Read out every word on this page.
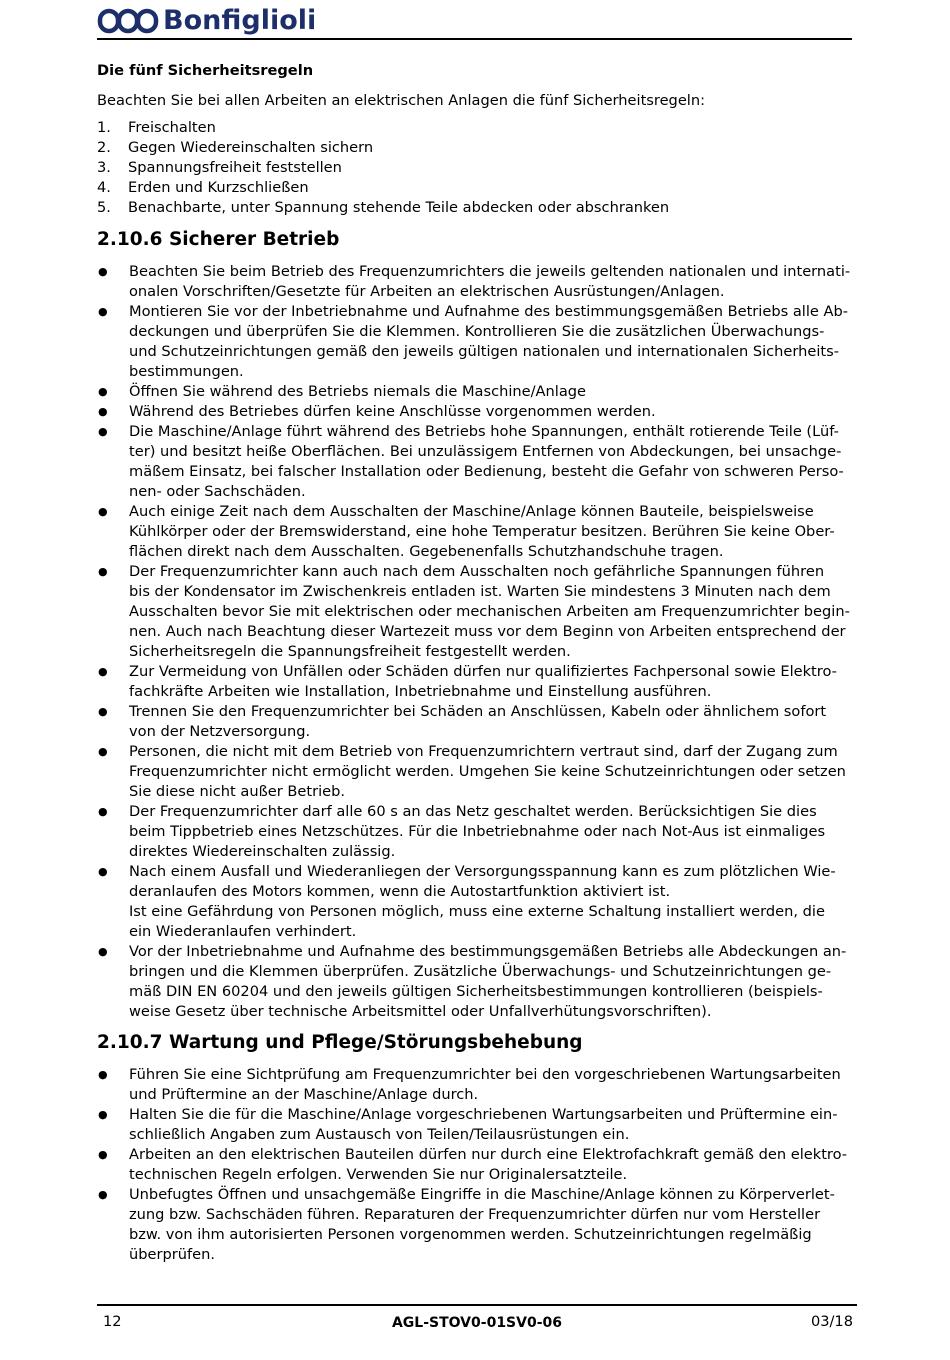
Bonfiglioli
Die fünf Sicherheitsregeln
Beachten Sie bei allen Arbeiten an elektrischen Anlagen die fünf Sicherheitsregeln:
1.	Freischalten
2.	Gegen Wiedereinschalten sichern
3.	Spannungsfreiheit feststellen
4.	Erden und Kurzschließen
5.	Benachbarte, unter Spannung stehende Teile abdecken oder abschranken
2.10.6 Sicherer Betrieb
●	Beachten Sie beim Betrieb des Frequenzumrichters die jeweils geltenden nationalen und internati-
onalen Vorschriften/Gesetzte für Arbeiten an elektrischen Ausrüstungen/Anlagen.
●	Montieren Sie vor der Inbetriebnahme und Aufnahme des bestimmungsgemäßen Betriebs alle Ab-
deckungen und überprüfen Sie die Klemmen. Kontrollieren Sie die zusätzlichen Überwachungs-
und Schutzeinrichtungen gemäß den jeweils gültigen nationalen und internationalen Sicherheits-
bestimmungen.
●	Öffnen Sie während des Betriebs niemals die Maschine/Anlage
●	Während des Betriebes dürfen keine Anschlüsse vorgenommen werden.
●	Die Maschine/Anlage führt während des Betriebs hohe Spannungen, enthält rotierende Teile (Lüf-
ter) und besitzt heiße Oberflächen. Bei unzulässigem Entfernen von Abdeckungen, bei unsachge-
mäßem Einsatz, bei falscher Installation oder Bedienung, besteht die Gefahr von schweren Perso-
nen- oder Sachschäden.
●	Auch einige Zeit nach dem Ausschalten der Maschine/Anlage können Bauteile, beispielsweise
Kühlkörper oder der Bremswiderstand, eine hohe Temperatur besitzen. Berühren Sie keine Ober-
flächen direkt nach dem Ausschalten. Gegebenenfalls Schutzhandschuhe tragen.
●	Der Frequenzumrichter kann auch nach dem Ausschalten noch gefährliche Spannungen führen
bis der Kondensator im Zwischenkreis entladen ist. Warten Sie mindestens 3 Minuten nach dem
Ausschalten bevor Sie mit elektrischen oder mechanischen Arbeiten am Frequenzumrichter begin-
nen. Auch nach Beachtung dieser Wartezeit muss vor dem Beginn von Arbeiten entsprechend der
Sicherheitsregeln die Spannungsfreiheit festgestellt werden.
●	Zur Vermeidung von Unfällen oder Schäden dürfen nur qualifiziertes Fachpersonal sowie Elektro-
fachkräfte Arbeiten wie Installation, Inbetriebnahme und Einstellung ausführen.
●	Trennen Sie den Frequenzumrichter bei Schäden an Anschlüssen, Kabeln oder ähnlichem sofort
von der Netzversorgung.
●	Personen, die nicht mit dem Betrieb von Frequenzumrichtern vertraut sind, darf der Zugang zum
Frequenzumrichter nicht ermöglicht werden. Umgehen Sie keine Schutzeinrichtungen oder setzen
Sie diese nicht außer Betrieb.
●	Der Frequenzumrichter darf alle 60 s an das Netz geschaltet werden. Berücksichtigen Sie dies
beim Tippbetrieb eines Netzschützes. Für die Inbetriebnahme oder nach Not-Aus ist einmaliges
direktes Wiedereinschalten zulässig.
●	Nach einem Ausfall und Wiederanliegen der Versorgungsspannung kann es zum plötzlichen Wie-
deranlaufen des Motors kommen, wenn die Autostartfunktion aktiviert ist.
Ist eine Gefährdung von Personen möglich, muss eine externe Schaltung installiert werden, die
ein Wiederanlaufen verhindert.
●	Vor der Inbetriebnahme und Aufnahme des bestimmungsgemäßen Betriebs alle Abdeckungen an-
bringen und die Klemmen überprüfen. Zusätzliche Überwachungs- und Schutzeinrichtungen ge-
mäß DIN EN 60204 und den jeweils gültigen Sicherheitsbestimmungen kontrollieren (beispiels-
weise Gesetz über technische Arbeitsmittel oder Unfallverhütungsvorschriften).
2.10.7 Wartung und Pflege/Störungsbehebung
●	Führen Sie eine Sichtprüfung am Frequenzumrichter bei den vorgeschriebenen Wartungsarbeiten
und Prüftermine an der Maschine/Anlage durch.
●	Halten Sie die für die Maschine/Anlage vorgeschriebenen Wartungsarbeiten und Prüftermine ein-
schließlich Angaben zum Austausch von Teilen/Teilausrüstungen ein.
●	Arbeiten an den elektrischen Bauteilen dürfen nur durch eine Elektrofachkraft gemäß den elektro-
technischen Regeln erfolgen. Verwenden Sie nur Originalersatzteile.
●	Unbefugtes Öffnen und unsachgemäße Eingriffe in die Maschine/Anlage können zu Körperverlet-
zung bzw. Sachschäden führen. Reparaturen der Frequenzumrichter dürfen nur vom Hersteller
bzw. von ihm autorisierten Personen vorgenommen werden. Schutzeinrichtungen regelmäßig
überprüfen.
12	AGL-STOV0-01SV0-06	03/18
